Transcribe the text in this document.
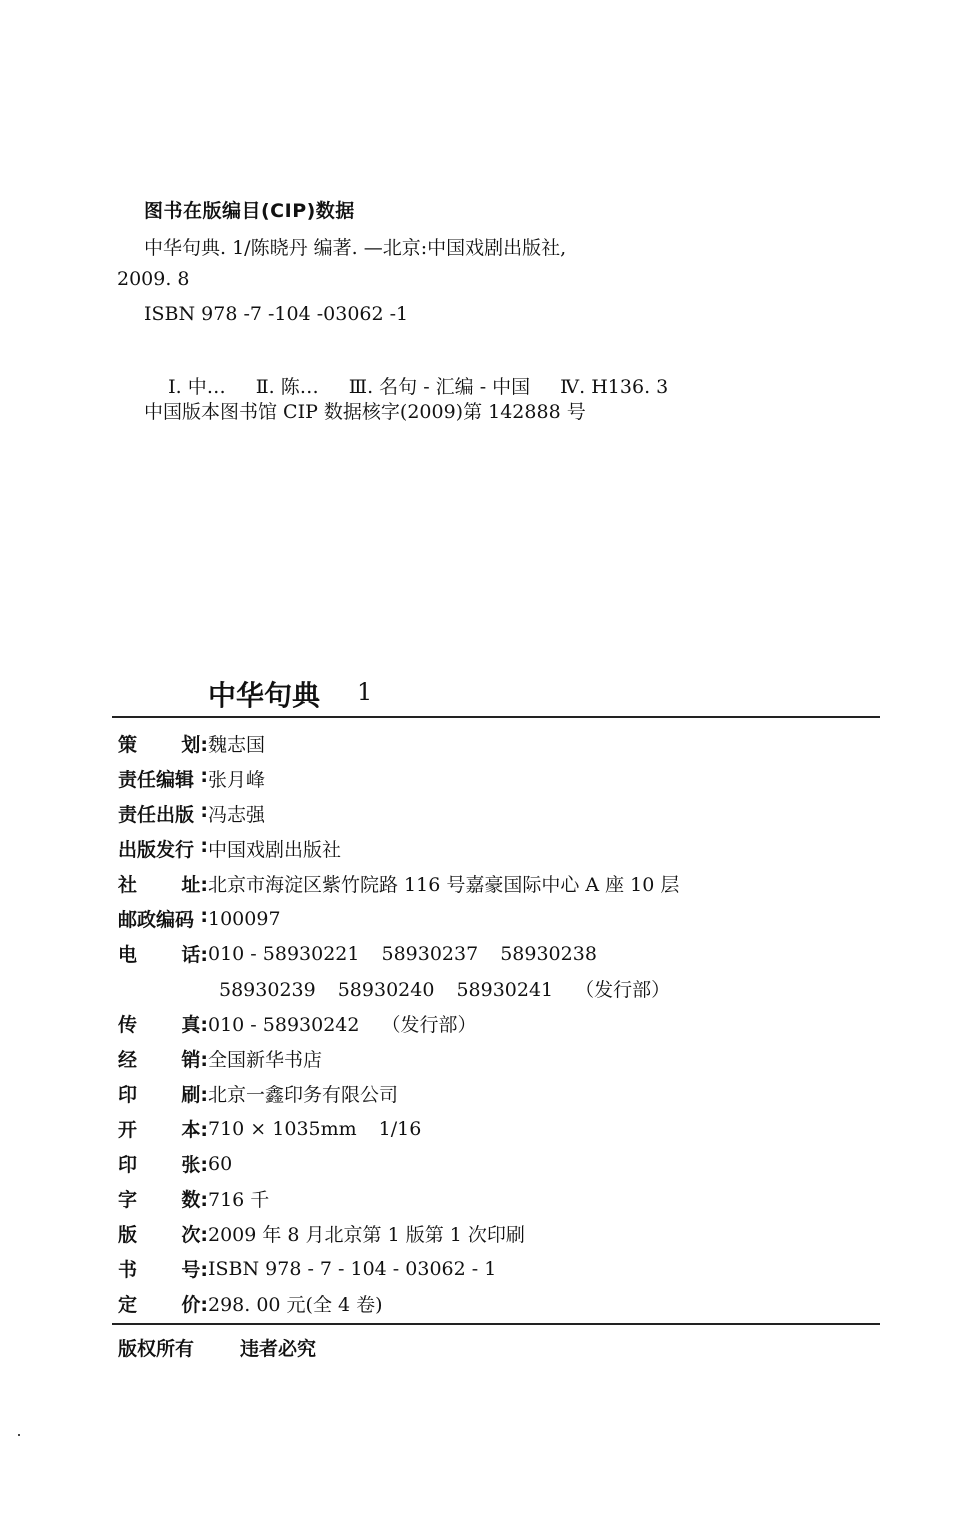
图书在版编目(CIP)数据
中华句典. 1/陈晓丹 编著. —北京:中国戏剧出版社,
2009. 8
ISBN 978 -7 -104 -03062 -1

Ⅰ. 中… Ⅱ. 陈… Ⅲ. 名句 - 汇编 - 中国 Ⅳ. H136. 3

中国版本图书馆 CIP 数据核字(2009)第 142888 号
中华句典 1
策 划: 魏志国
责任编辑 : 张月峰
责任出版 : 冯志强
出版发行 : 中国戏剧出版社
社 址: 北京市海淀区紫竹院路 116 号嘉豪国际中心 A 座 10 层
邮政编码 : 100097
电 话: 010 - 58930221 58930237 58930238
58930239 58930240 58930241 （发行部）
传 真: 010 - 58930242 （发行部）
经 销: 全国新华书店
印 刷: 北京一鑫印务有限公司
开 本: 710 × 1035mm 1/16
印 张: 60
字 数: 716 千
版 次: 2009 年 8 月北京第 1 版第 1 次印刷
书 号: ISBN 978 - 7 - 104 - 03062 - 1
定 价: 298. 00 元(全 4 卷)
版权所有 违者必究
